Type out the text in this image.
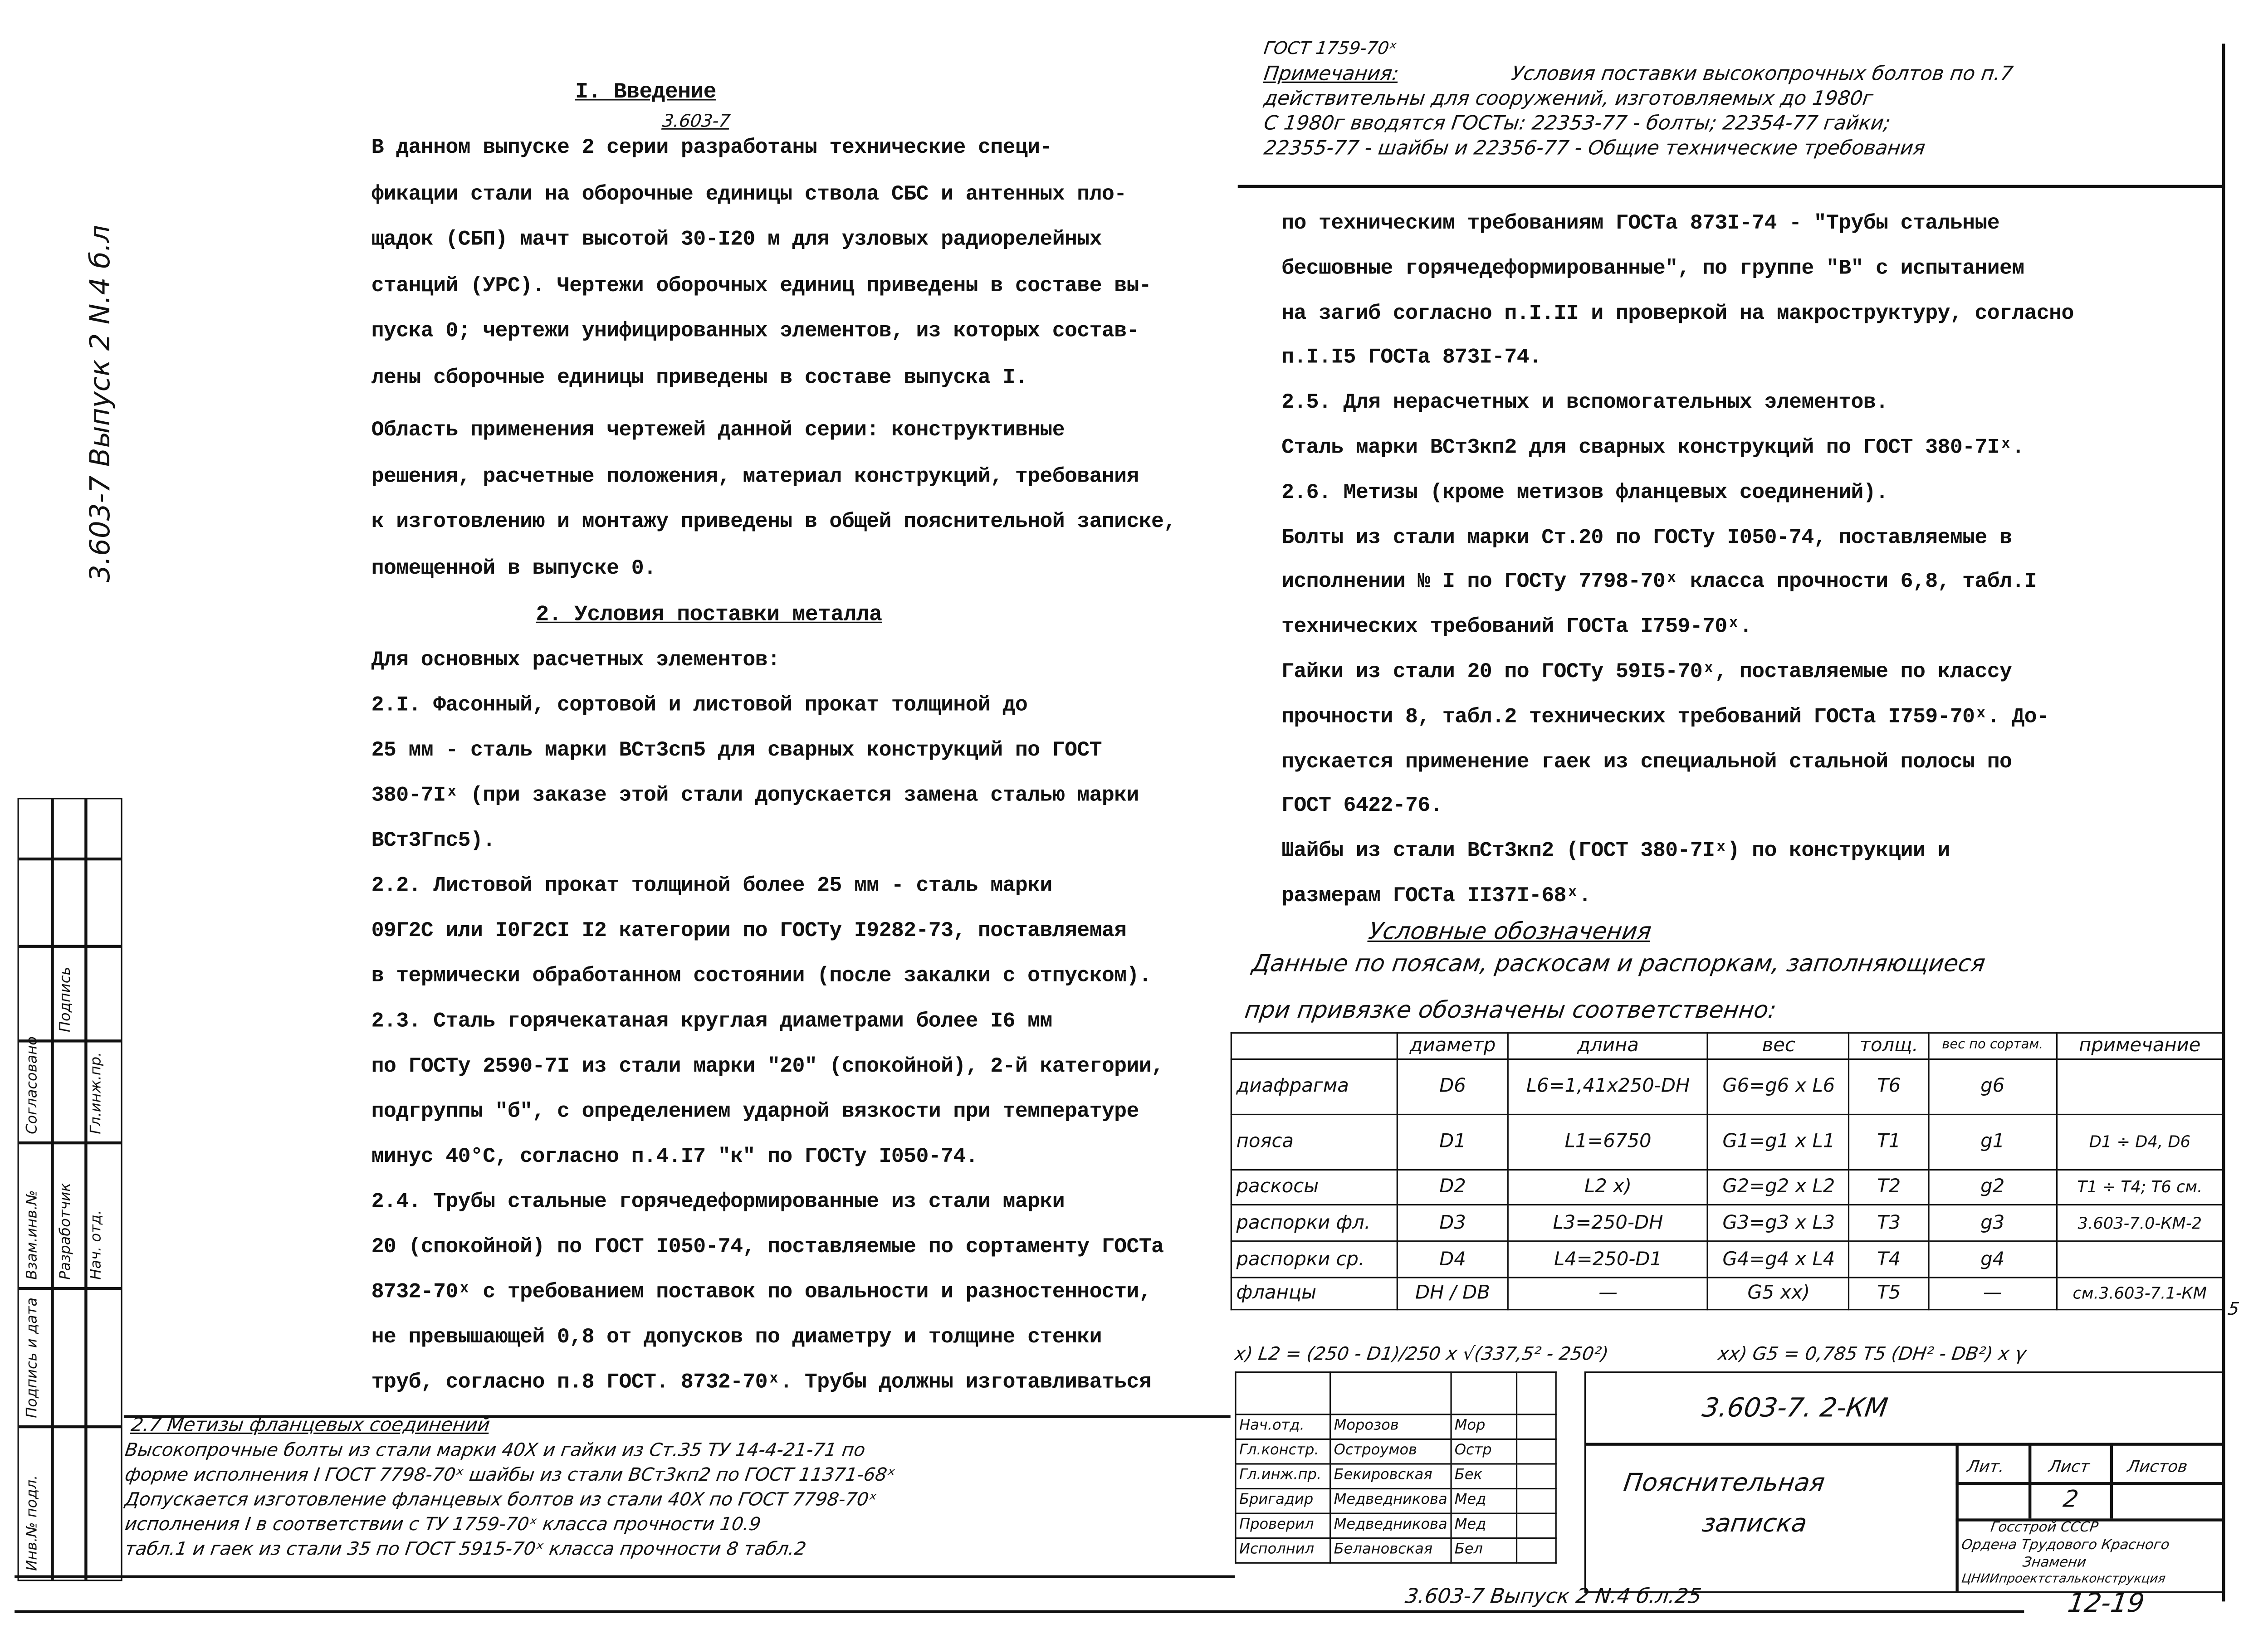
3.603-7 Выпуск 2 N.4 б.л
I. Введение
3.603-7
В данном выпуске 2 серии разработаны технические специ-
фикации стали на оборочные единицы ствола СБС и антенных пло-
щадок (СБП) мачт высотой 30-I20 м для узловых радиорелейных
станций (УРС). Чертежи оборочных единиц приведены в составе вы-
пуска 0; чертежи унифицированных элементов, из которых состав-
лены сборочные единицы приведены в составе выпуска I.
Область применения чертежей данной серии: конструктивные
решения, расчетные положения, материал конструкций, требования
к изготовлению и монтажу приведены в общей пояснительной записке,
помещенной в выпуске 0.
2. Условия поставки металла
Для основных расчетных элементов:
2.I. Фасонный, сортовой и листовой прокат толщиной до
25 мм - сталь марки ВСт3сп5 для сварных конструкций по ГОСТ
380-7Iˣ (при заказе этой стали допускается замена сталью марки
ВСт3Гпс5).
2.2. Листовой прокат толщиной более 25 мм - сталь марки
09Г2С или I0Г2СI I2 категории по ГОСТу I9282-73, поставляемая
в термически обработанном состоянии (после закалки с отпуском).
2.3. Сталь горячекатаная круглая диаметрами более I6 мм
по ГОСТу 2590-7I из стали марки "20" (спокойной), 2-й категории,
подгруппы "б", с определением ударной вязкости при температуре
минус 40°С, согласно п.4.I7 "к" по ГОСТу I050-74.
2.4. Трубы стальные горячедеформированные из стали марки
20 (спокойной) по ГОСТ I050-74, поставляемые по сортаменту ГОСТа
8732-70ˣ с требованием поставок по овальности и разностенности,
не превышающей 0,8 от допусков по диаметру и толщине стенки
труб, согласно п.8 ГОСТ. 8732-70ˣ. Трубы должны изготавливаться
ГОСТ 1759-70ˣ
Примечания:	Условия поставки высокопрочных болтов по п.7
действительны для сооружений, изготовляемых до 1980г
С 1980г вводятся ГОСТы: 22353-77 - болты; 22354-77 гайки;
22355-77 - шайбы и 22356-77 - Общие технические требования
по техническим требованиям ГОСТа 873I-74 - "Трубы стальные
бесшовные горячедеформированные", по группе "В" с испытанием
на загиб согласно п.I.II и проверкой на макроструктуру, согласно
п.I.I5 ГОСТа 873I-74.
2.5. Для нерасчетных и вспомогательных элементов.
Сталь марки ВСт3кп2 для сварных конструкций по ГОСТ 380-7Iˣ.
2.6. Метизы (кроме метизов фланцевых соединений).
Болты из стали марки Ст.20 по ГОСТу I050-74, поставляемые в
исполнении № I по ГОСТу 7798-70ˣ класса прочности 6,8, табл.I
технических требований ГОСТа I759-70ˣ.
Гайки из стали 20 по ГОСТу 59I5-70ˣ, поставляемые по классу
прочности 8, табл.2 технических требований ГОСТа I759-70ˣ. До-
пускается применение гаек из специальной стальной полосы по
ГОСТ 6422-76.
Шайбы из стали ВСт3кп2 (ГОСТ 380-7Iˣ) по конструкции и
размерам ГОСТа II37I-68ˣ.
Условные обозначения
Данные по поясам, раскосам и распоркам, заполняющиеся
при привязке обозначены соответственно:
	диаметр	длина	вес	толщ.	вес по сортам.	примечание
диафрагма	D6	L6=1,41x250-DН	G6=g6 x L6	T6	g6	
пояса	D1	L1=6750	G1=g1 x L1	T1	g1	D1 ÷ D4, D6
раскосы	D2	L2 x)	G2=g2 x L2	T2	g2	T1 ÷ T4; T6 см.
распорки фл.	D3	L3=250-DН	G3=g3 x L3	T3	g3	3.603-7.0-КМ-2
распорки ср.	D4	L4=250-D1	G4=g4 x L4	T4	g4	
фланцы	DН / DВ	—	G5 xx)	T5	—	см.3.603-7.1-КМ
5
x) L2 = (250 - D1)/250 x √(337,5² - 250²)	xx) G5 = 0,785 T5 (DН² - DВ²) x γ
2.7 Метизы фланцевых соединений
Высокопрочные болты из стали марки 40Х и гайки из Ст.35 ТУ 14-4-21-71 по
форме исполнения I ГОСТ 7798-70ˣ шайбы из стали ВСт3кп2 по ГОСТ 11371-68ˣ
Допускается изготовление фланцевых болтов из стали 40Х по ГОСТ 7798-70ˣ
исполнения I в соответствии с ТУ 1759-70ˣ класса прочности 10.9
табл.1 и гаек из стали 35 по ГОСТ 5915-70ˣ класса прочности 8 табл.2
Разработчик	Нач. отд.
Гл.инж.пр.
Подпись
Согласовано
Инв.№ подл.
Подпись и дата
Взам.инв.№

Нач.отд.	Морозов	Мор	
Гл.констр.	Остроумов	Остр	
Гл.инж.пр.	Бекировская	Бек	
Бригадир	Медведникова	Мед	
Проверил	Медведникова	Мед	
Исполнил	Белановская	Бел	
3.603-7. 2-КМ
Пояснительная
записка
Лит.	Лист	Листов
2
Госстрой СССР
Ордена Трудового Красного
Знамени
ЦНИИпроектстальконструкция
3.603-7 Выпуск 2 N.4 б.л.25	12-19
